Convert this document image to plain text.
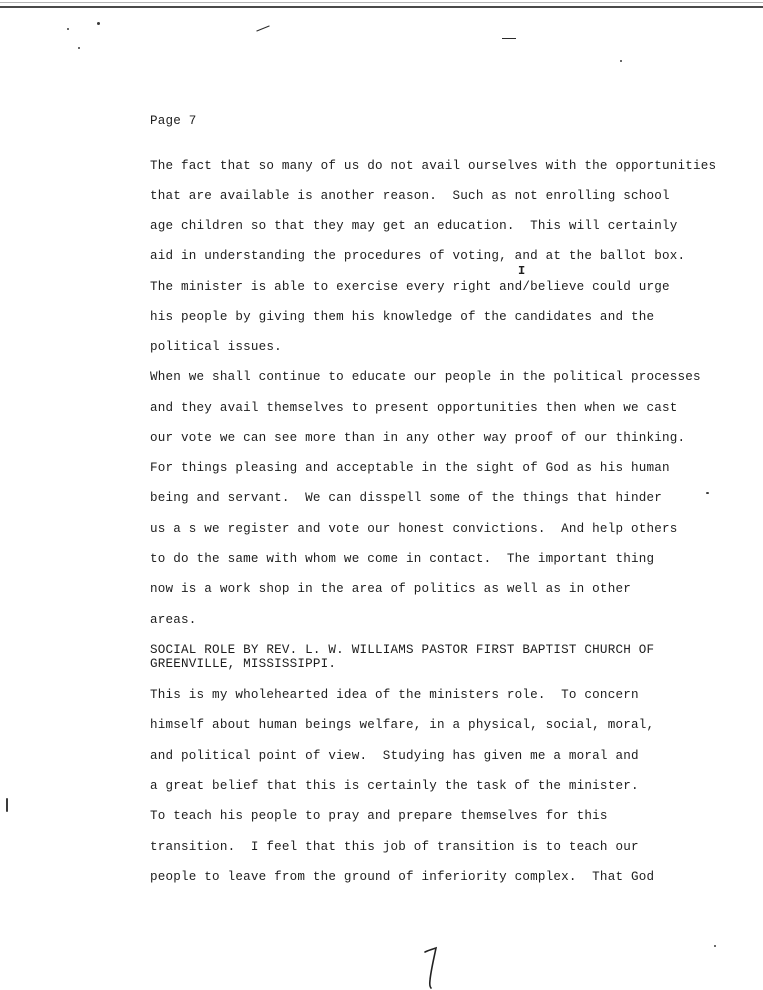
Page 7
The fact that so many of us do not avail ourselves with the opportunities
that are available is another reason.  Such as not enrolling school
age children so that they may get an education.  This will certainly
aid in understanding the procedures of voting, and at the ballot box.
I
The minister is able to exercise every right and/believe could urge
his people by giving them his knowledge of the candidates and the
political issues.
When we shall continue to educate our people in the political processes
and they avail themselves to present opportunities then when we cast
our vote we can see more than in any other way proof of our thinking.
For things pleasing and acceptable in the sight of God as his human
being and servant.  We can disspell some of the things that hinder
us a s we register and vote our honest convictions.  And help others
to do the same with whom we come in contact.  The important thing
now is a work shop in the area of politics as well as in other
areas.
SOCIAL ROLE BY REV. L. W. WILLIAMS PASTOR FIRST BAPTIST CHURCH OF
GREENVILLE, MISSISSIPPI.
This is my wholehearted idea of the ministers role.  To concern
himself about human beings welfare, in a physical, social, moral,
and political point of view.  Studying has given me a moral and
a great belief that this is certainly the task of the minister.
To teach his people to pray and prepare themselves for this
transition.  I feel that this job of transition is to teach our
people to leave from the ground of inferiority complex.  That God
